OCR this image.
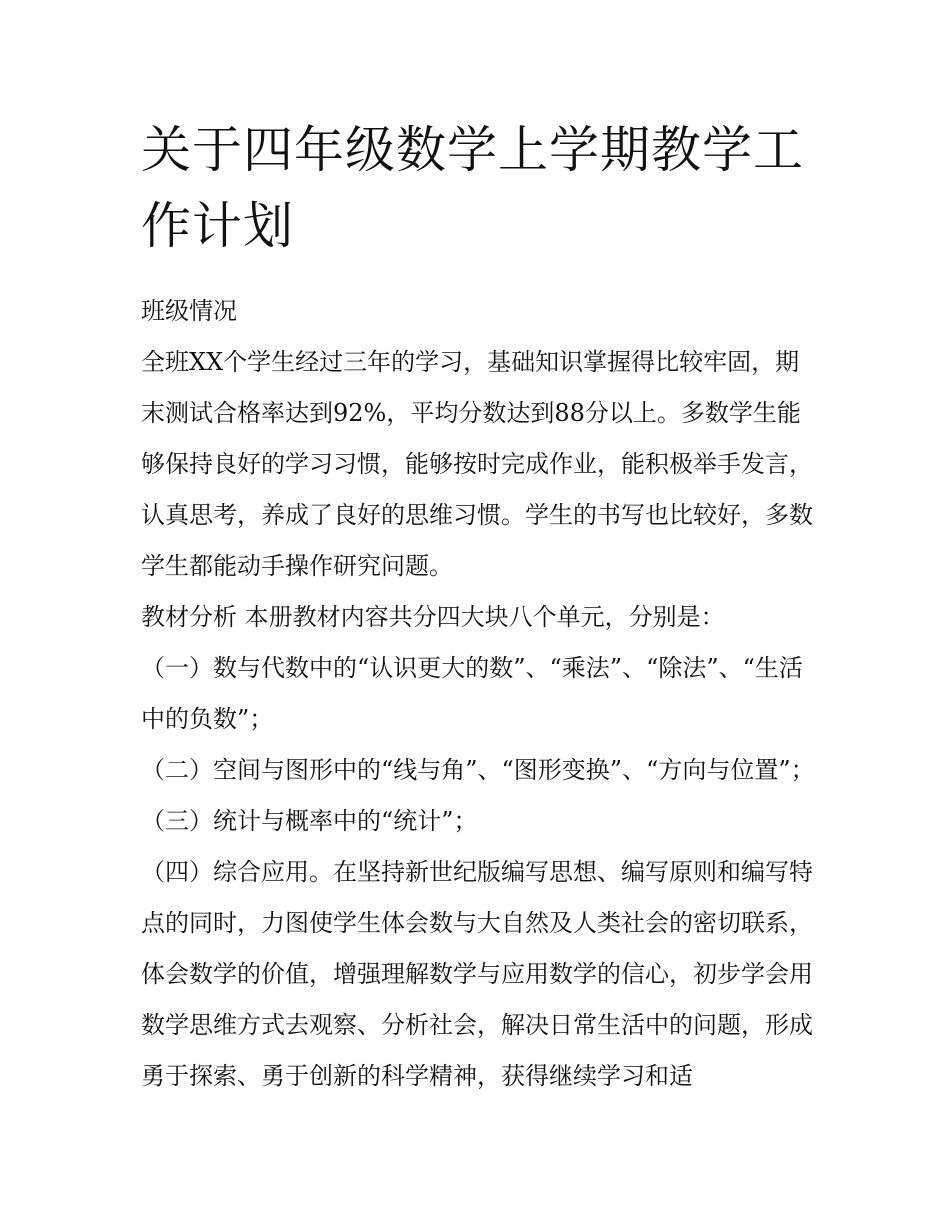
关于四年级数学上学期教学工作计划

班级情况

全班XX个学生经过三年的学习，基础知识掌握得比较牢固，期末测试合格率达到92%，平均分数达到88分以上。多数学生能够保持良好的学习习惯，能够按时完成作业，能积极举手发言，认真思考，养成了良好的思维习惯。学生的书写也比较好，多数学生都能动手操作研究问题。

教材分析 本册教材内容共分四大块八个单元，分别是：

（一）数与代数中的“认识更大的数”、“乘法”、“除法”、“生活中的负数”；

（二）空间与图形中的“线与角”、“图形变换”、“方向与位置”； （三）统计与概率中的“统计”；

（四）综合应用。在坚持新世纪版编写思想、编写原则和编写特点的同时，力图使学生体会数与大自然及人类社会的密切联系，体会数学的价值，增强理解数学与应用数学的信心，初步学会用数学思维方式去观察、分析社会，解决日常生活中的问题，形成勇于探索、勇于创新的科学精神，获得继续学习和适
